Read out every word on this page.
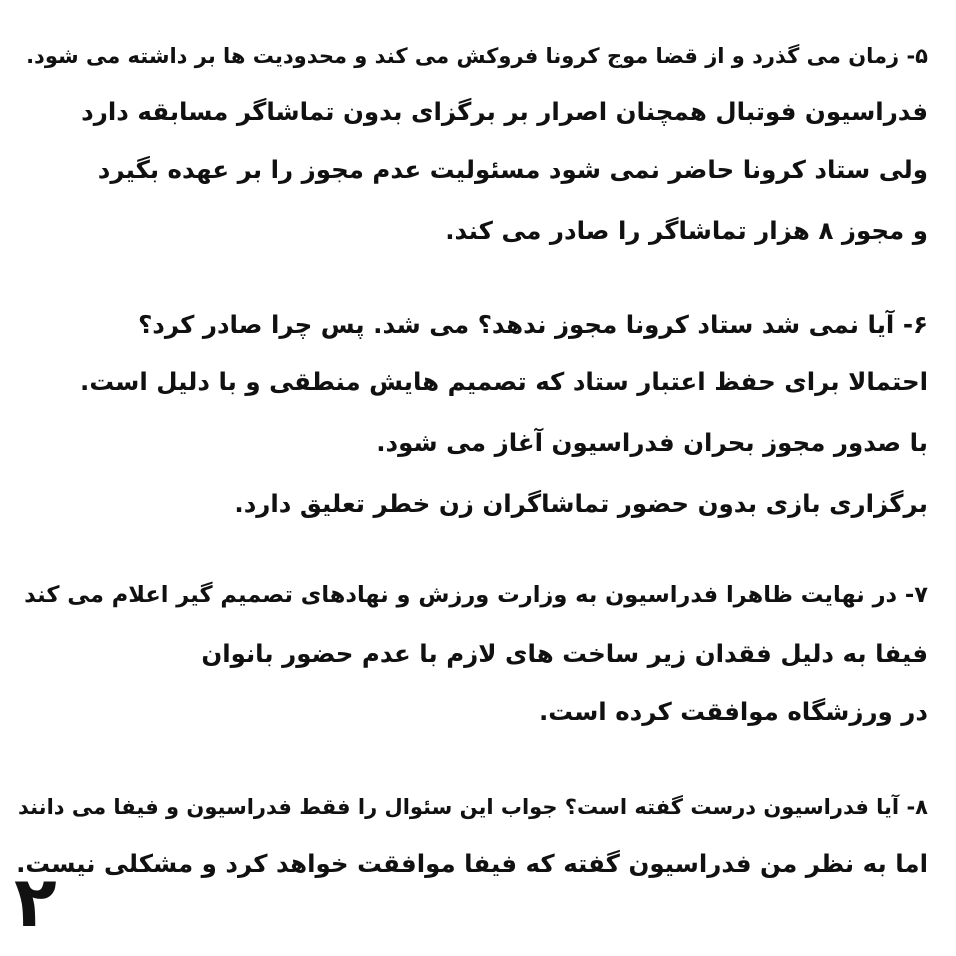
۵- زمان می گذرد و از قضا موج کرونا فروکش می کند و محدودیت ها بر داشته می شود.
فدراسیون فوتبال همچنان اصرار بر برگزای بدون تماشاگر مسابقه دارد
ولی ستاد کرونا حاضر نمی شود مسئولیت عدم مجوز را بر عهده بگیرد
و مجوز ۸ هزار تماشاگر را صادر می کند.
۶- آیا نمی شد ستاد کرونا مجوز ندهد؟ می شد. پس چرا صادر کرد؟
احتمالا برای حفظ اعتبار ستاد که تصمیم هایش منطقی و با دلیل است.
با صدور مجوز بحران فدراسیون آغاز می شود.
برگزاری بازی بدون حضور تماشاگران زن خطر تعلیق دارد.
۷- در نهایت ظاهرا فدراسیون به وزارت ورزش و نهادهای تصمیم گیر اعلام می کند
فیفا به دلیل فقدان زیر ساخت های لازم با عدم حضور بانوان
در ورزشگاه موافقت کرده است.
۸- آیا فدراسیون درست گفته است؟ جواب این سئوال را فقط فدراسیون و فیفا می دانند
اما به نظر من فدراسیون گفته که فیفا موافقت خواهد کرد و مشکلی نیست.
۲
